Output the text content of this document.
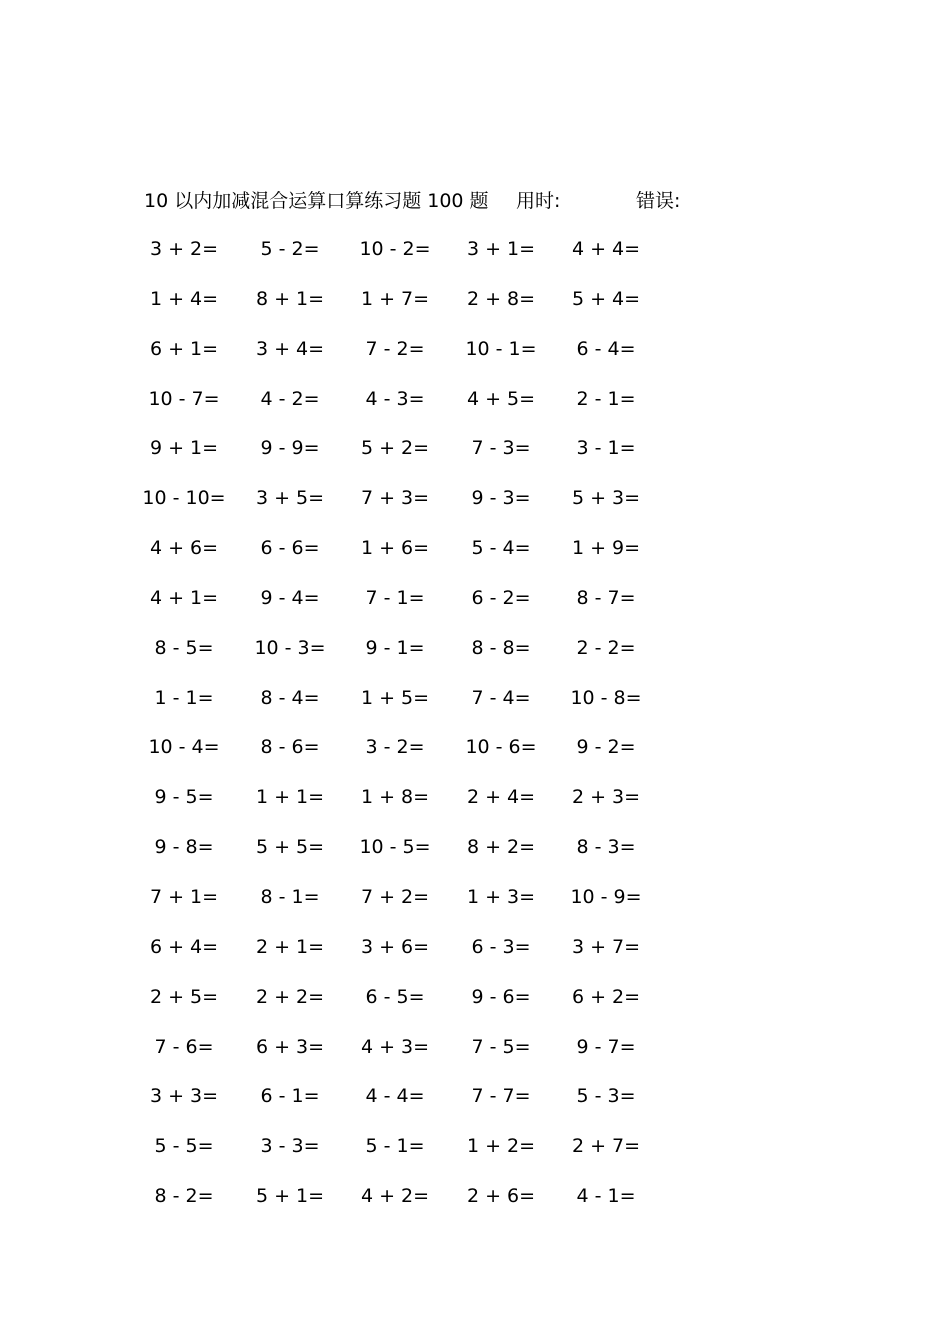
10 以内加减混合运算口算练习题 100 题 用时:	错误:
3 + 2=	5 - 2=	10 - 2=	3 + 1=	4 + 4=
1 + 4=	8 + 1=	1 + 7=	2 + 8=	5 + 4=
6 + 1=	3 + 4=	7 - 2=	10 - 1=	6 - 4=
10 - 7=	4 - 2=	4 - 3=	4 + 5=	2 - 1=
9 + 1=	9 - 9=	5 + 2=	7 - 3=	3 - 1=
10 - 10=	3 + 5=	7 + 3=	9 - 3=	5 + 3=
4 + 6=	6 - 6=	1 + 6=	5 - 4=	1 + 9=
4 + 1=	9 - 4=	7 - 1=	6 - 2=	8 - 7=
8 - 5=	10 - 3=	9 - 1=	8 - 8=	2 - 2=
1 - 1=	8 - 4=	1 + 5=	7 - 4=	10 - 8=
10 - 4=	8 - 6=	3 - 2=	10 - 6=	9 - 2=
9 - 5=	1 + 1=	1 + 8=	2 + 4=	2 + 3=
9 - 8=	5 + 5=	10 - 5=	8 + 2=	8 - 3=
7 + 1=	8 - 1=	7 + 2=	1 + 3=	10 - 9=
6 + 4=	2 + 1=	3 + 6=	6 - 3=	3 + 7=
2 + 5=	2 + 2=	6 - 5=	9 - 6=	6 + 2=
7 - 6=	6 + 3=	4 + 3=	7 - 5=	9 - 7=
3 + 3=	6 - 1=	4 - 4=	7 - 7=	5 - 3=
5 - 5=	3 - 3=	5 - 1=	1 + 2=	2 + 7=
8 - 2=	5 + 1=	4 + 2=	2 + 6=	4 - 1=
